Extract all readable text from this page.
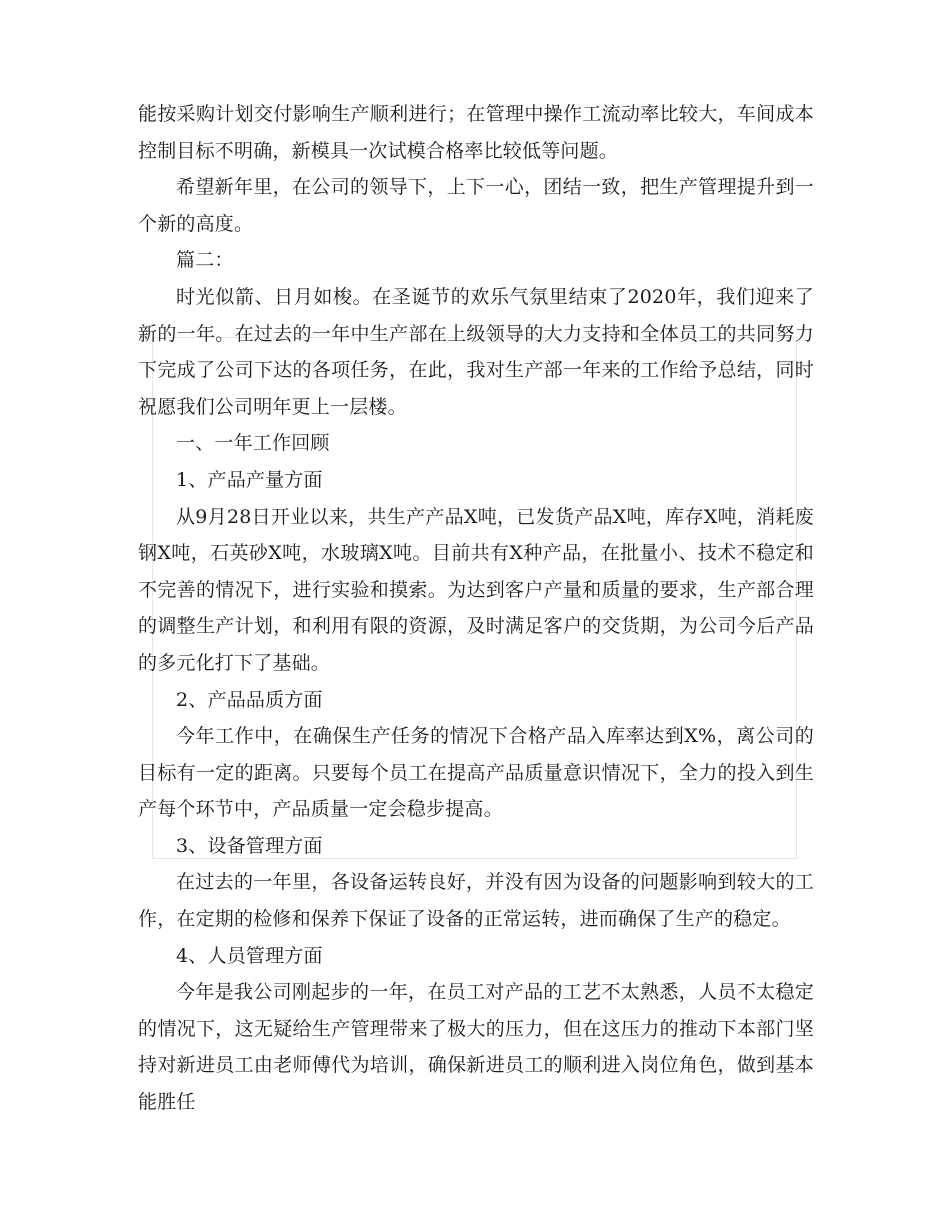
能按采购计划交付影响生产顺利进行；在管理中操作工流动率比较大，车间成本控制目标不明确，新模具一次试模合格率比较低等问题。

希望新年里，在公司的领导下，上下一心，团结一致，把生产管理提升到一个新的高度。

篇二：

时光似箭、日月如梭。在圣诞节的欢乐气氛里结束了2020年，我们迎来了新的一年。在过去的一年中生产部在上级领导的大力支持和全体员工的共同努力下完成了公司下达的各项任务，在此，我对生产部一年来的工作给予总结，同时祝愿我们公司明年更上一层楼。

一、一年工作回顾

1、产品产量方面

从9月28日开业以来，共生产产品X吨，已发货产品X吨，库存X吨，消耗废钢X吨，石英砂X吨，水玻璃X吨。目前共有X种产品，在批量小、技术不稳定和不完善的情况下，进行实验和摸索。为达到客户产量和质量的要求，生产部合理的调整生产计划，和利用有限的资源，及时满足客户的交货期，为公司今后产品的多元化打下了基础。

2、产品品质方面

今年工作中，在确保生产任务的情况下合格产品入库率达到X%，离公司的目标有一定的距离。只要每个员工在提高产品质量意识情况下，全力的投入到生产每个环节中，产品质量一定会稳步提高。

3、设备管理方面

在过去的一年里，各设备运转良好，并没有因为设备的问题影响到较大的工作，在定期的检修和保养下保证了设备的正常运转，进而确保了生产的稳定。

4、人员管理方面

今年是我公司刚起步的一年，在员工对产品的工艺不太熟悉，人员不太稳定的情况下，这无疑给生产管理带来了极大的压力，但在这压力的推动下本部门坚持对新进员工由老师傅代为培训，确保新进员工的顺利进入岗位角色，做到基本能胜任
